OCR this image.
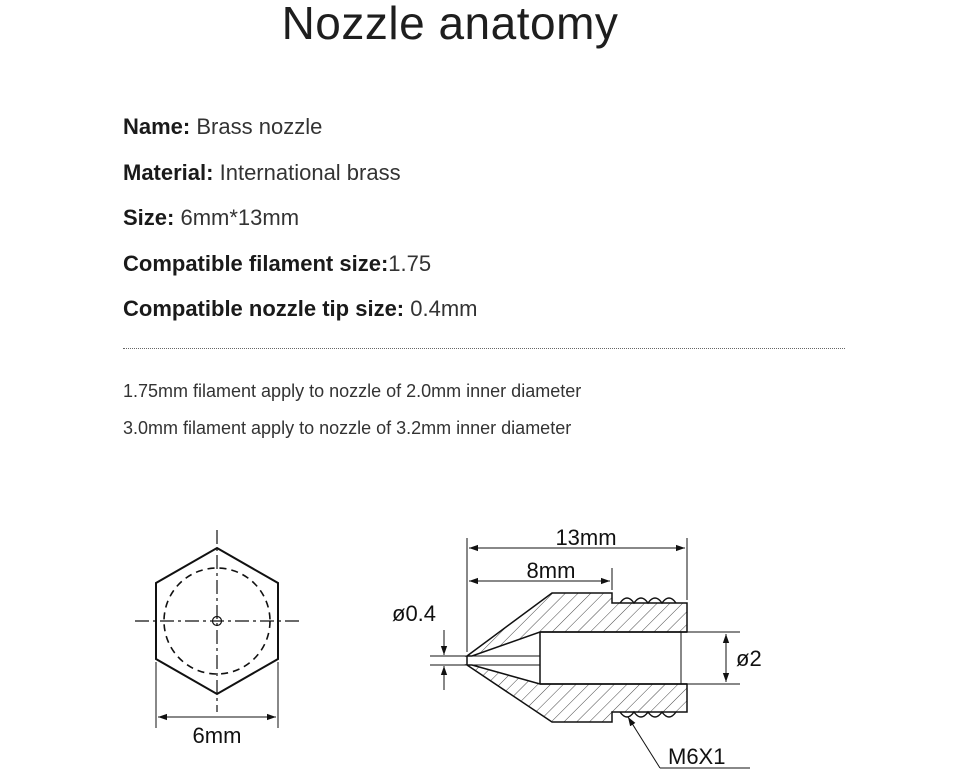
Nozzle anatomy
Name: Brass nozzle
Material: International brass
Size: 6mm*13mm
Compatible filament size:1.75
Compatible nozzle tip size: 0.4mm
1.75mm filament apply to nozzle of 2.0mm inner diameter
3.0mm filament apply to nozzle of 3.2mm inner diameter
6mm
13mm
8mm
ø0.4
ø2
M6X1
